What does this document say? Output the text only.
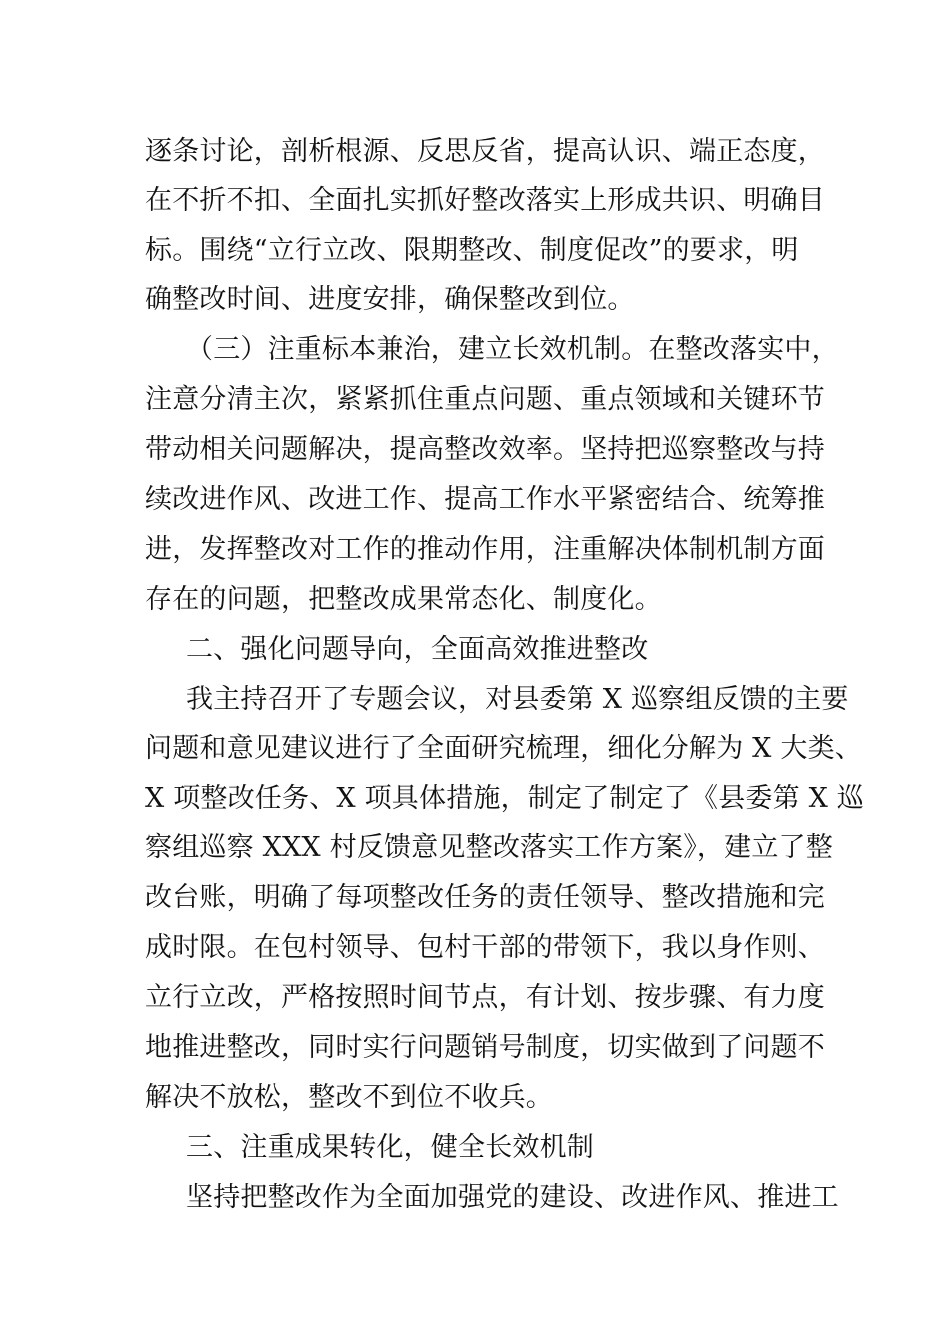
逐条讨论，剖析根源、反思反省，提高认识、端正态度，
在不折不扣、全面扎实抓好整改落实上形成共识、明确目
标。围绕“立行立改、限期整改、制度促改”的要求，明
确整改时间、进度安排，确保整改到位。
（三）注重标本兼治，建立长效机制。在整改落实中，
注意分清主次，紧紧抓住重点问题、重点领域和关键环节
带动相关问题解决，提高整改效率。坚持把巡察整改与持
续改进作风、改进工作、提高工作水平紧密结合、统筹推
进，发挥整改对工作的推动作用，注重解决体制机制方面
存在的问题，把整改成果常态化、制度化。
二、强化问题导向，全面高效推进整改
我主持召开了专题会议，对县委第 X 巡察组反馈的主要
问题和意见建议进行了全面研究梳理，细化分解为 X 大类、
X 项整改任务、X 项具体措施，制定了制定了《县委第 X 巡
察组巡察 XXX 村反馈意见整改落实工作方案》，建立了整
改台账，明确了每项整改任务的责任领导、整改措施和完
成时限。在包村领导、包村干部的带领下，我以身作则、
立行立改，严格按照时间节点，有计划、按步骤、有力度
地推进整改，同时实行问题销号制度，切实做到了问题不
解决不放松，整改不到位不收兵。
三、注重成果转化，健全长效机制
坚持把整改作为全面加强党的建设、改进作风、推进工
